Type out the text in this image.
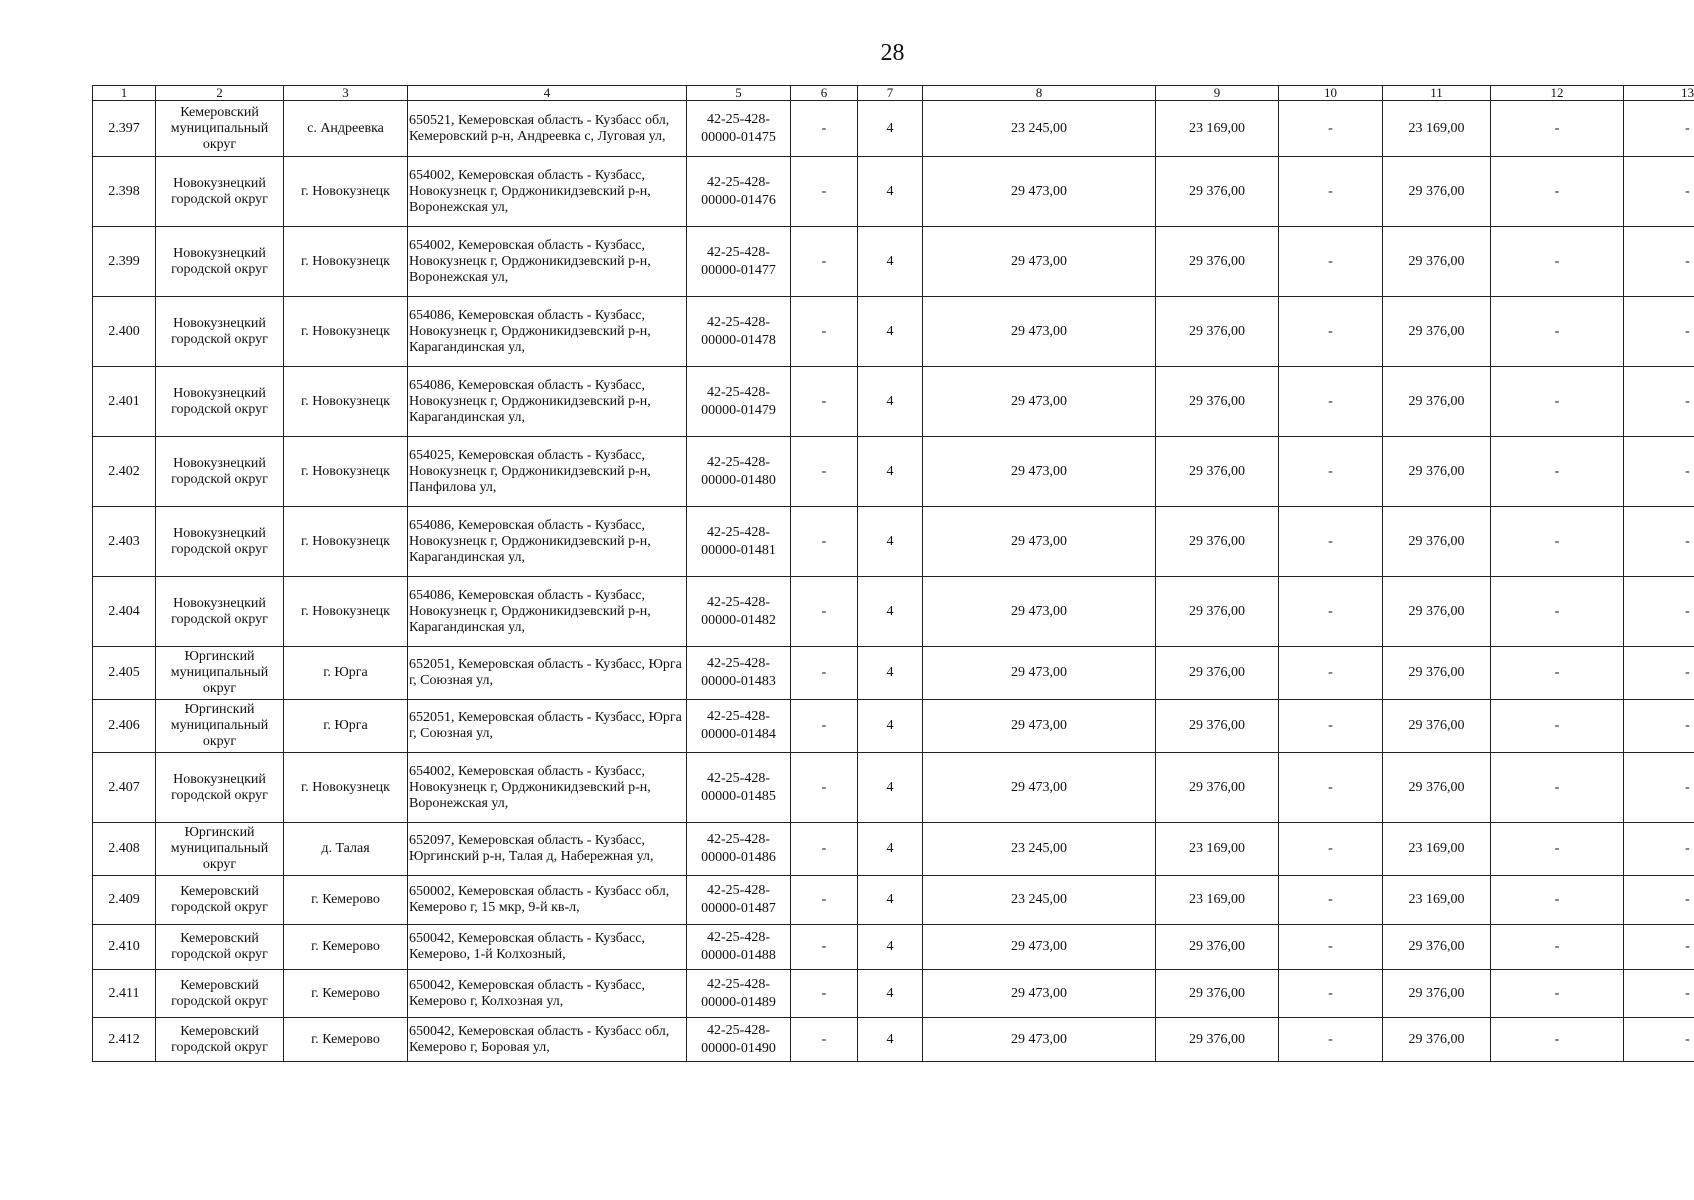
28
1	2	3	4	5	6	7	8	9	10	11	12	13
2.397	Кемеровский муниципальный округ	с. Андреевка	650521, Кемеровская область - Кузбасс обл, Кемеровский р-н, Андреевка с, Луговая ул,	42-25-428-00000-01475	-	4	23 245,00	23 169,00	-	23 169,00	-	-
2.398	Новокузнецкий городской округ	г. Новокузнецк	654002, Кемеровская область - Кузбасс, Новокузнецк г, Орджоникидзевский р-н, Воронежская ул,	42-25-428-00000-01476	-	4	29 473,00	29 376,00	-	29 376,00	-	-
2.399	Новокузнецкий городской округ	г. Новокузнецк	654002, Кемеровская область - Кузбасс, Новокузнецк г, Орджоникидзевский р-н, Воронежская ул,	42-25-428-00000-01477	-	4	29 473,00	29 376,00	-	29 376,00	-	-
2.400	Новокузнецкий городской округ	г. Новокузнецк	654086, Кемеровская область - Кузбасс, Новокузнецк г, Орджоникидзевский р-н, Карагандинская ул,	42-25-428-00000-01478	-	4	29 473,00	29 376,00	-	29 376,00	-	-
2.401	Новокузнецкий городской округ	г. Новокузнецк	654086, Кемеровская область - Кузбасс, Новокузнецк г, Орджоникидзевский р-н, Карагандинская ул,	42-25-428-00000-01479	-	4	29 473,00	29 376,00	-	29 376,00	-	-
2.402	Новокузнецкий городской округ	г. Новокузнецк	654025, Кемеровская область - Кузбасс, Новокузнецк г, Орджоникидзевский р-н, Панфилова ул,	42-25-428-00000-01480	-	4	29 473,00	29 376,00	-	29 376,00	-	-
2.403	Новокузнецкий городской округ	г. Новокузнецк	654086, Кемеровская область - Кузбасс, Новокузнецк г, Орджоникидзевский р-н, Карагандинская ул,	42-25-428-00000-01481	-	4	29 473,00	29 376,00	-	29 376,00	-	-
2.404	Новокузнецкий городской округ	г. Новокузнецк	654086, Кемеровская область - Кузбасс, Новокузнецк г, Орджоникидзевский р-н, Карагандинская ул,	42-25-428-00000-01482	-	4	29 473,00	29 376,00	-	29 376,00	-	-
2.405	Юргинский муниципальный округ	г. Юрга	652051, Кемеровская область - Кузбасс, Юрга г, Союзная ул,	42-25-428-00000-01483	-	4	29 473,00	29 376,00	-	29 376,00	-	-
2.406	Юргинский муниципальный округ	г. Юрга	652051, Кемеровская область - Кузбасс, Юрга г, Союзная ул,	42-25-428-00000-01484	-	4	29 473,00	29 376,00	-	29 376,00	-	-
2.407	Новокузнецкий городской округ	г. Новокузнецк	654002, Кемеровская область - Кузбасс, Новокузнецк г, Орджоникидзевский р-н, Воронежская ул,	42-25-428-00000-01485	-	4	29 473,00	29 376,00	-	29 376,00	-	-
2.408	Юргинский муниципальный округ	д. Талая	652097, Кемеровская область - Кузбасс, Юргинский р-н, Талая д, Набережная ул,	42-25-428-00000-01486	-	4	23 245,00	23 169,00	-	23 169,00	-	-
2.409	Кемеровский городской округ	г. Кемерово	650002, Кемеровская область - Кузбасс обл, Кемерово г, 15 мкр, 9-й кв-л,	42-25-428-00000-01487	-	4	23 245,00	23 169,00	-	23 169,00	-	-
2.410	Кемеровский городской округ	г. Кемерово	650042, Кемеровская область - Кузбасс, Кемерово, 1-й Колхозный,	42-25-428-00000-01488	-	4	29 473,00	29 376,00	-	29 376,00	-	-
2.411	Кемеровский городской округ	г. Кемерово	650042, Кемеровская область - Кузбасс, Кемерово г, Колхозная ул,	42-25-428-00000-01489	-	4	29 473,00	29 376,00	-	29 376,00	-	-
2.412	Кемеровский городской округ	г. Кемерово	650042, Кемеровская область - Кузбасс обл, Кемерово г, Боровая ул,	42-25-428-00000-01490	-	4	29 473,00	29 376,00	-	29 376,00	-	-
